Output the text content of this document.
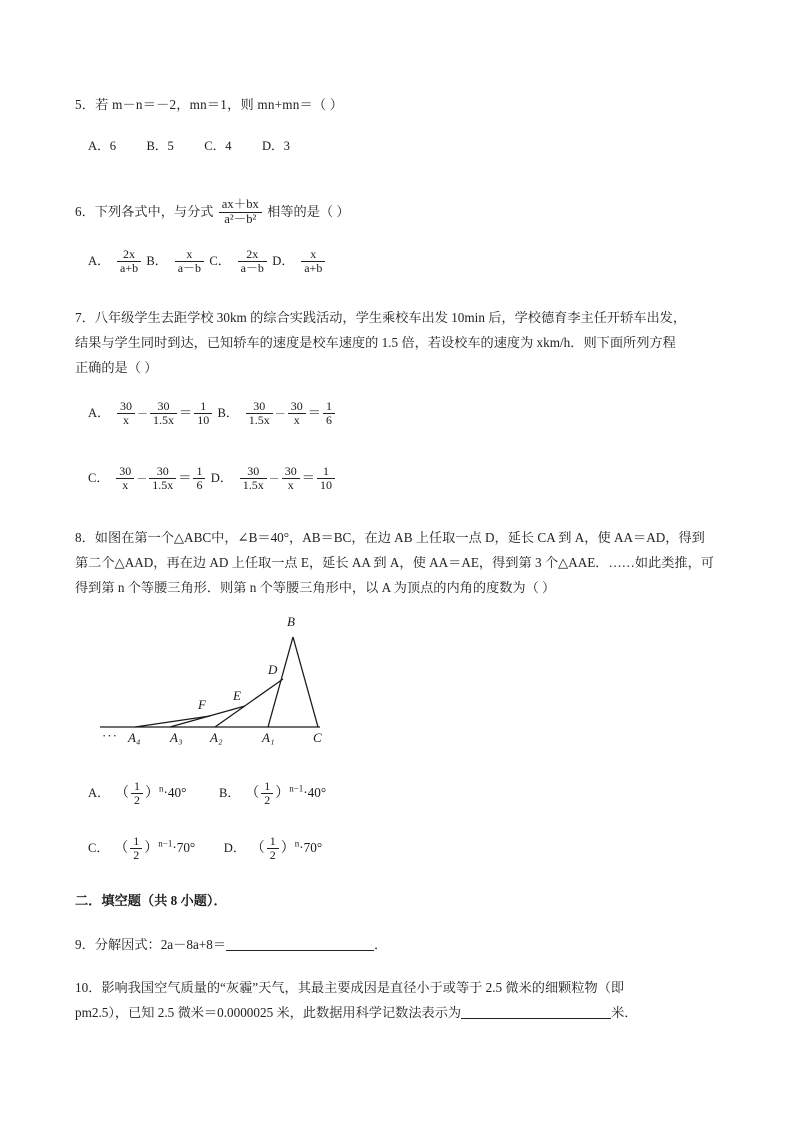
5．若 m－n＝－2，mn＝1，则 mn+mn＝（ ）
A．6 B．5 C．4 D．3
6．下列各式中，与分式 $\frac{ax+bx}{\text{a²－b²}}$ 相等的是（ ）
A． $\frac{2x}{a+b}$ B． $\frac{x}{a-b}$ C． $\frac{2x}{a-b}$ D． $\frac{x}{a+b}$
7．八年级学生去距学校 30km 的综合实践活动，学生乘校车出发 10min 后，学校德育李主任开轿车出发，
结果与学生同时到达，已知轿车的速度是校车速度的 1.5 倍，若设校车的速度为 xkm/h．则下面所列方程
正确的是（ ）
A． $\frac{30}{x} - \frac{30}{1.5x} = \frac{1}{10}$ B． $\frac{30}{1.5x} - \frac{30}{x} = \frac{1}{6}$
C． $\frac{30}{x} - \frac{30}{1.5x} = \frac{1}{6}$ D． $\frac{30}{1.5x} - \frac{30}{x} = \frac{1}{10}$
8．如图在第一个△ABC中，∠B＝40°，AB＝BC，在边 AB 上任取一点 D，延长 CA 到 A，使 AA＝AD，得到
第二个△AAD，再在边 AD 上任取一点 E，延长 AA 到 A，使 AA＝AE，得到第 3 个△AAE．……如此类推，可
得到第 n 个等腰三角形．则第 n 个等腰三角形中，以 A 为顶点的内角的度数为（ ）
B
D
E
F
··· A₄ A₃ A₂	A₁	C
A． （ $\frac{1}{2} )^n\cdot 40^\circ$	B． （ $\frac{1}{2} )^{n-1}\cdot 40^\circ$
C． （ $\frac{1}{2} )^{n-1}\cdot 70^\circ$ D． （ $\frac{1}{2} )^n\cdot 70^\circ$
二．填空题（共 8 小题）．
9．分解因式：2a－8a+8＝	．
10．影响我国空气质量的“灰霾”天气，其最主要成因是直径小于或等于 2.5 微米的细颗粒物（即
pm2.5），已知 2.5 微米＝0.0000025 米，此数据用科学记数法表示为	米．
